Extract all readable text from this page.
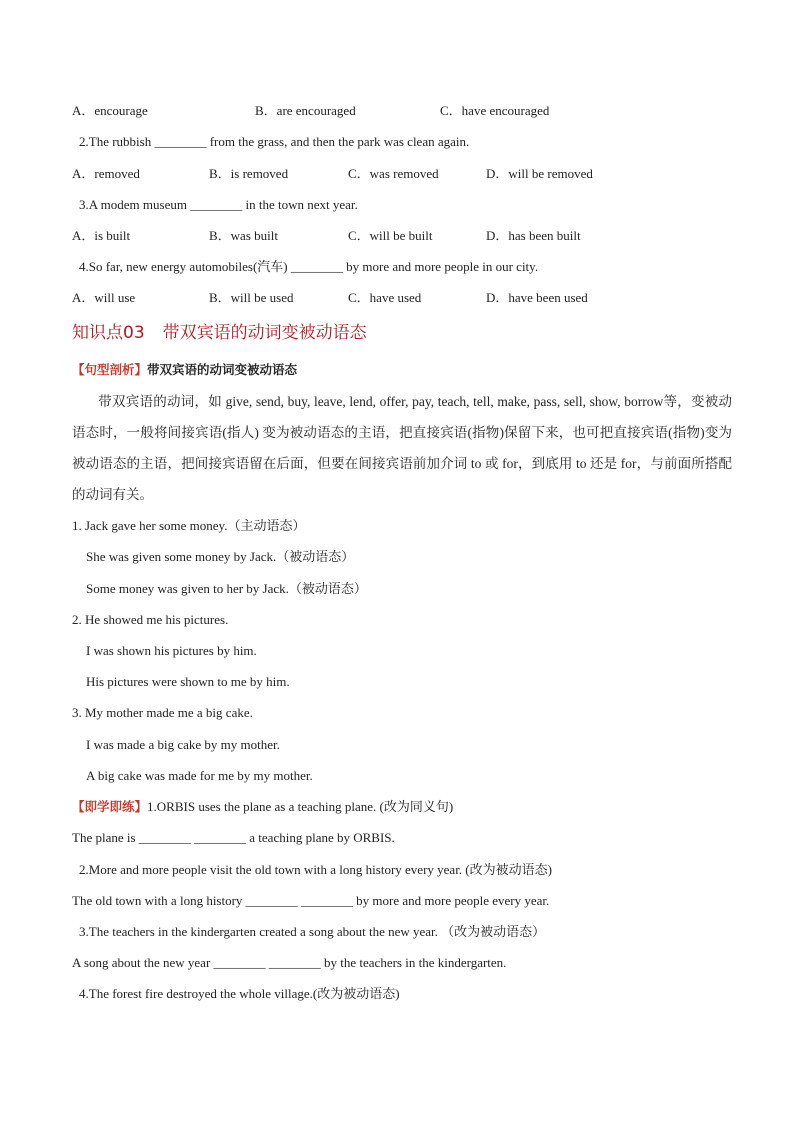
A．encourage	B．are encouraged	C．have encouraged
2.The rubbish ________ from the grass, and then the park was clean again.
A．removed	B．is removed	C．was removed	D．will be removed
3.A modem museum ________ in the town next year.
A．is built	B．was built	C．will be built	D．has been built
4.So far, new energy automobiles(汽车) ________ by more and more people in our city.
A．will use	B．will be used	C．have used	D．have been used
知识点03 带双宾语的动词变被动语态
【句型剖析】带双宾语的动词变被动语态
带双宾语的动词，如 give, send, buy, leave, lend, offer, pay, teach, tell, make, pass, sell, show, borrow等，变被动语态时，一般将间接宾语(指人) 变为被动语态的主语，把直接宾语(指物)保留下来，也可把直接宾语(指物)变为被动语态的主语，把间接宾语留在后面，但要在间接宾语前加介词 to 或 for，到底用 to 还是 for，与前面所搭配的动词有关。
1. Jack gave her some money.（主动语态）
She was given some money by Jack.（被动语态）
Some money was given to her by Jack.（被动语态）
2. He showed me his pictures.
I was shown his pictures by him.
His pictures were shown to me by him.
3. My mother made me a big cake.
I was made a big cake by my mother.
A big cake was made for me by my mother.
【即学即练】1.ORBIS uses the plane as a teaching plane. (改为同义句)
The plane is ________ ________ a teaching plane by ORBIS.
2.More and more people visit the old town with a long history every year. (改为被动语态)
The old town with a long history ________ ________ by more and more people every year.
3.The teachers in the kindergarten created a song about the new year. （改为被动语态）
A song about the new year ________ ________ by the teachers in the kindergarten.
4.The forest fire destroyed the whole village.(改为被动语态)
